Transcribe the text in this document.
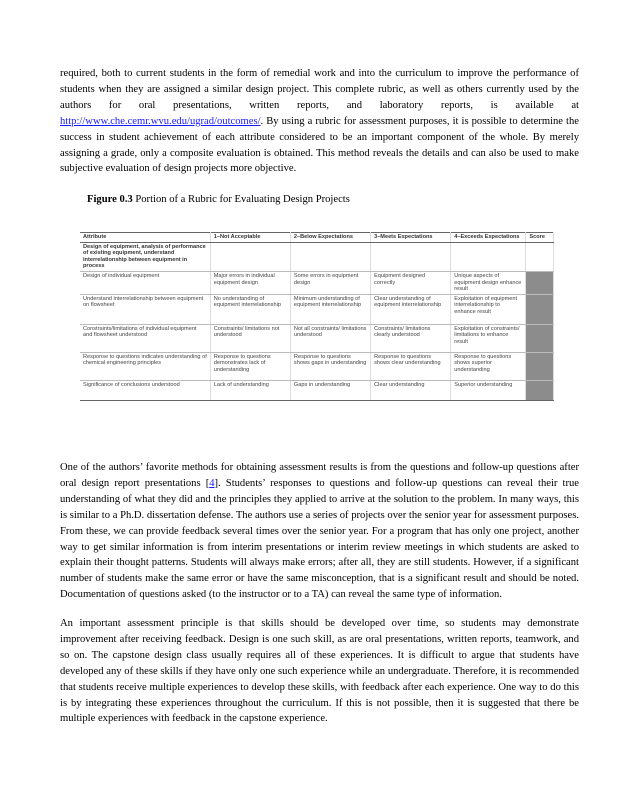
required, both to current students in the form of remedial work and into the curriculum to improve the performance of students when they are assigned a similar design project. This complete rubric, as well as others currently used by the authors for oral presentations, written reports, and laboratory reports, is available at http://www.che.cemr.wvu.edu/ugrad/outcomes/. By using a rubric for assessment purposes, it is possible to determine the success in student achievement of each attribute considered to be an important component of the whole. By merely assigning a grade, only a composite evaluation is obtained. This method reveals the details and can also be used to make subjective evaluation of design projects more objective.

Figure 0.3 Portion of a Rubric for Evaluating Design Projects

Attribute	1–Not Acceptable	2–Below Expectations	3–Meets Expectations	4–Exceeds Expectations	Score
Design of equipment, analysis of performance of existing equipment, understand interrelationship between equipment in process					
Design of individual equipment	Major errors in individual equipment design	Some errors in equipment design	Equipment designed correctly	Unique aspects of equipment design enhance result	
Understand interrelationship between equipment on flowsheet	No understanding of equipment interrelationship	Minimum understanding of equipment interrelationship	Clear understanding of equipment interrelationship	Exploitation of equipment interrelationship to enhance result	
Constraints/limitations of individual equipment and flowsheet understood	Constraints/ limitations not understood	Not all constraints/ limitations understood	Constraints/ limitations clearly understood	Exploitation of constraints/ limitations to enhance result	
Response to questions indicates understanding of chemical engineering principles	Response to questions demonstrates lack of understanding	Response to questions shows gaps in understanding	Response to questions shows clear understanding	Response to questions shows superior understanding	
Significance of conclusions understood	Lack of understanding	Gaps in understanding	Clear understanding	Superior understanding	

One of the authors’ favorite methods for obtaining assessment results is from the questions and follow-up questions after oral design report presentations [4]. Students’ responses to questions and follow-up questions can reveal their true understanding of what they did and the principles they applied to arrive at the solution to the problem. In many ways, this is similar to a Ph.D. dissertation defense. The authors use a series of projects over the senior year for assessment purposes. From these, we can provide feedback several times over the senior year. For a program that has only one project, another way to get similar information is from interim presentations or interim review meetings in which students are asked to explain their thought patterns. Students will always make errors; after all, they are still students. However, if a significant number of students make the same error or have the same misconception, that is a significant result and should be noted. Documentation of questions asked (to the instructor or to a TA) can reveal the same type of information.

An important assessment principle is that skills should be developed over time, so students may demonstrate improvement after receiving feedback. Design is one such skill, as are oral presentations, written reports, teamwork, and so on. The capstone design class usually requires all of these experiences. It is difficult to argue that students have developed any of these skills if they have only one such experience while an undergraduate. Therefore, it is recommended that students receive multiple experiences to develop these skills, with feedback after each experience. One way to do this is by integrating these experiences throughout the curriculum. If this is not possible, then it is suggested that there be multiple experiences with feedback in the capstone experience.
